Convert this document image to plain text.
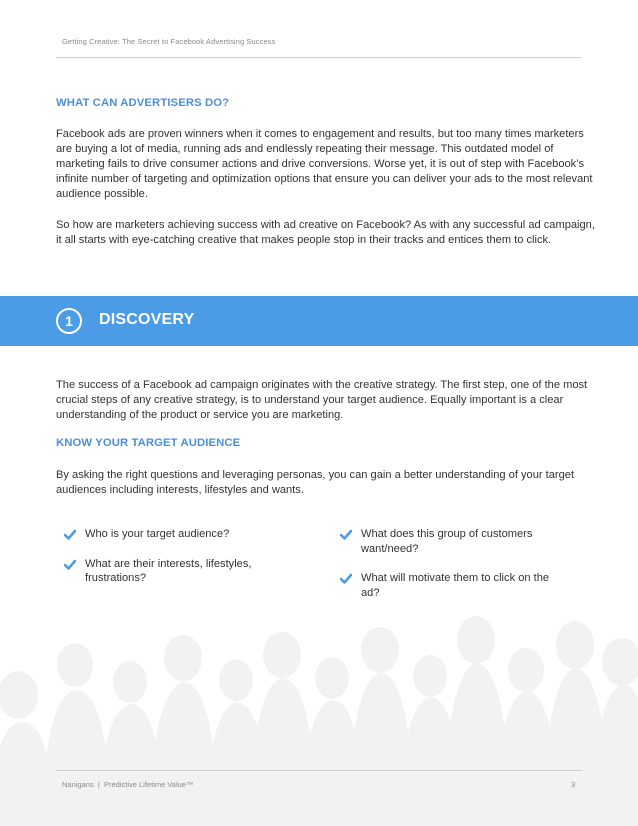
Getting Creative: The Secret to Facebook Advertising Success
WHAT CAN ADVERTISERS DO?

Facebook ads are proven winners when it comes to engagement and results, but too many times marketers are buying a lot of media, running ads and endlessly repeating their message. This outdated model of marketing fails to drive consumer actions and drive conversions. Worse yet, it is out of step with Facebook’s infinite number of targeting and optimization options that ensure you can deliver your ads to the most relevant audience possible.

So how are marketers achieving success with ad creative on Facebook? As with any successful ad campaign, it all starts with eye-catching creative that makes people stop in their tracks and entices them to click.

1	DISCOVERY

The success of a Facebook ad campaign originates with the creative strategy. The first step, one of the most crucial steps of any creative strategy, is to understand your target audience. Equally important is a clear understanding of the product or service you are marketing.

KNOW YOUR TARGET AUDIENCE

By asking the right questions and leveraging personas, you can gain a better understanding of your target audiences including interests, lifestyles and wants.

Who is your target audience?
What are their interests, lifestyles, frustrations?
What does this group of customers want/need?
What will motivate them to click on the ad?
Nanigans  |  Predictive Lifetime Value™	3
